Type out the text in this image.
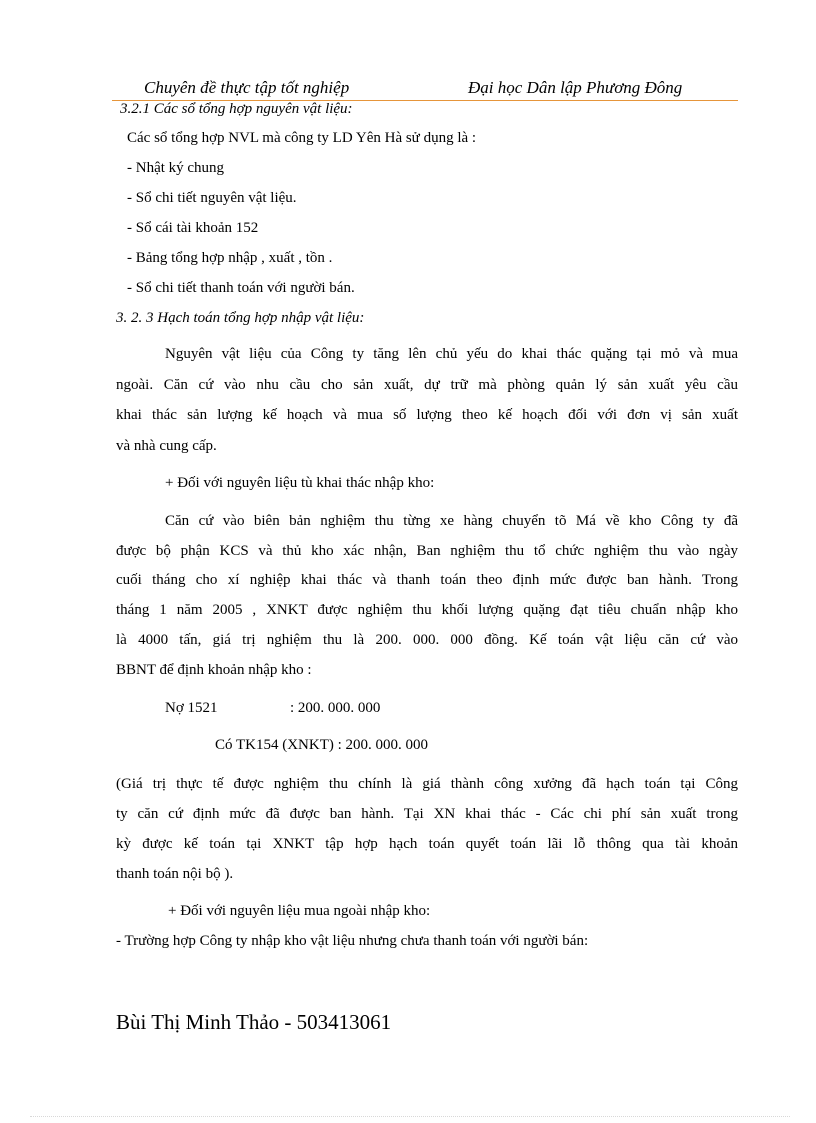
Chuyên đề thực tập tốt nghiệp	Đại học Dân lập Phương Đông
3.2.1 Các sổ tổng hợp nguyên vật liệu:
Các sổ tổng hợp NVL mà công ty LD Yên Hà sử dụng là :
- Nhật ký chung
- Sổ chi tiết nguyên vật liệu.
- Sổ cái tài khoản 152
- Bảng tổng hợp nhập , xuất , tồn .
- Sổ chi tiết thanh toán với người bán.
3. 2. 3 Hạch toán tổng hợp nhập vật liệu:
Nguyên vật liệu của Công ty tăng lên chủ yếu do khai thác quặng tại mỏ và mua
ngoài. Căn cứ vào nhu cầu cho sản xuất, dự trữ mà phòng quản lý sản xuất yêu cầu
khai thác sản lượng kế hoạch và mua số lượng theo kế hoạch đối với đơn vị sản xuất
và nhà cung cấp.
+ Đối với nguyên liệu tù khai thác nhập kho:
Căn cứ vào biên bản nghiệm thu từng xe hàng chuyển tõ Má về kho Công ty đã
được bộ phận KCS và thủ kho xác nhận, Ban nghiệm thu tổ chức nghiệm thu vào ngày
cuối tháng cho xí nghiệp khai thác và thanh toán theo định mức được ban hành. Trong
tháng 1 năm 2005 , XNKT được nghiệm thu khối lượng quặng đạt tiêu chuẩn nhập kho
là 4000 tấn, giá trị nghiệm thu là 200. 000. 000 đồng. Kế toán vật liệu căn cứ vào
BBNT để định khoản nhập kho :
Nợ 1521	: 200. 000. 000
Có TK154 (XNKT) : 200. 000. 000
(Giá trị thực tế được nghiệm thu chính là giá thành công xưởng đã hạch toán tại Công
ty căn cứ định mức đã được ban hành. Tại XN khai thác - Các chi phí sản xuất trong
kỳ được kế toán tại XNKT tập hợp hạch toán quyết toán lãi lỗ thông qua tài khoản
thanh toán nội bộ ).
+ Đối với nguyên liệu mua ngoài nhập kho:
- Trường hợp Công ty nhập kho vật liệu nhưng chưa thanh toán với người bán:
Bùi Thị Minh Thảo - 503413061
